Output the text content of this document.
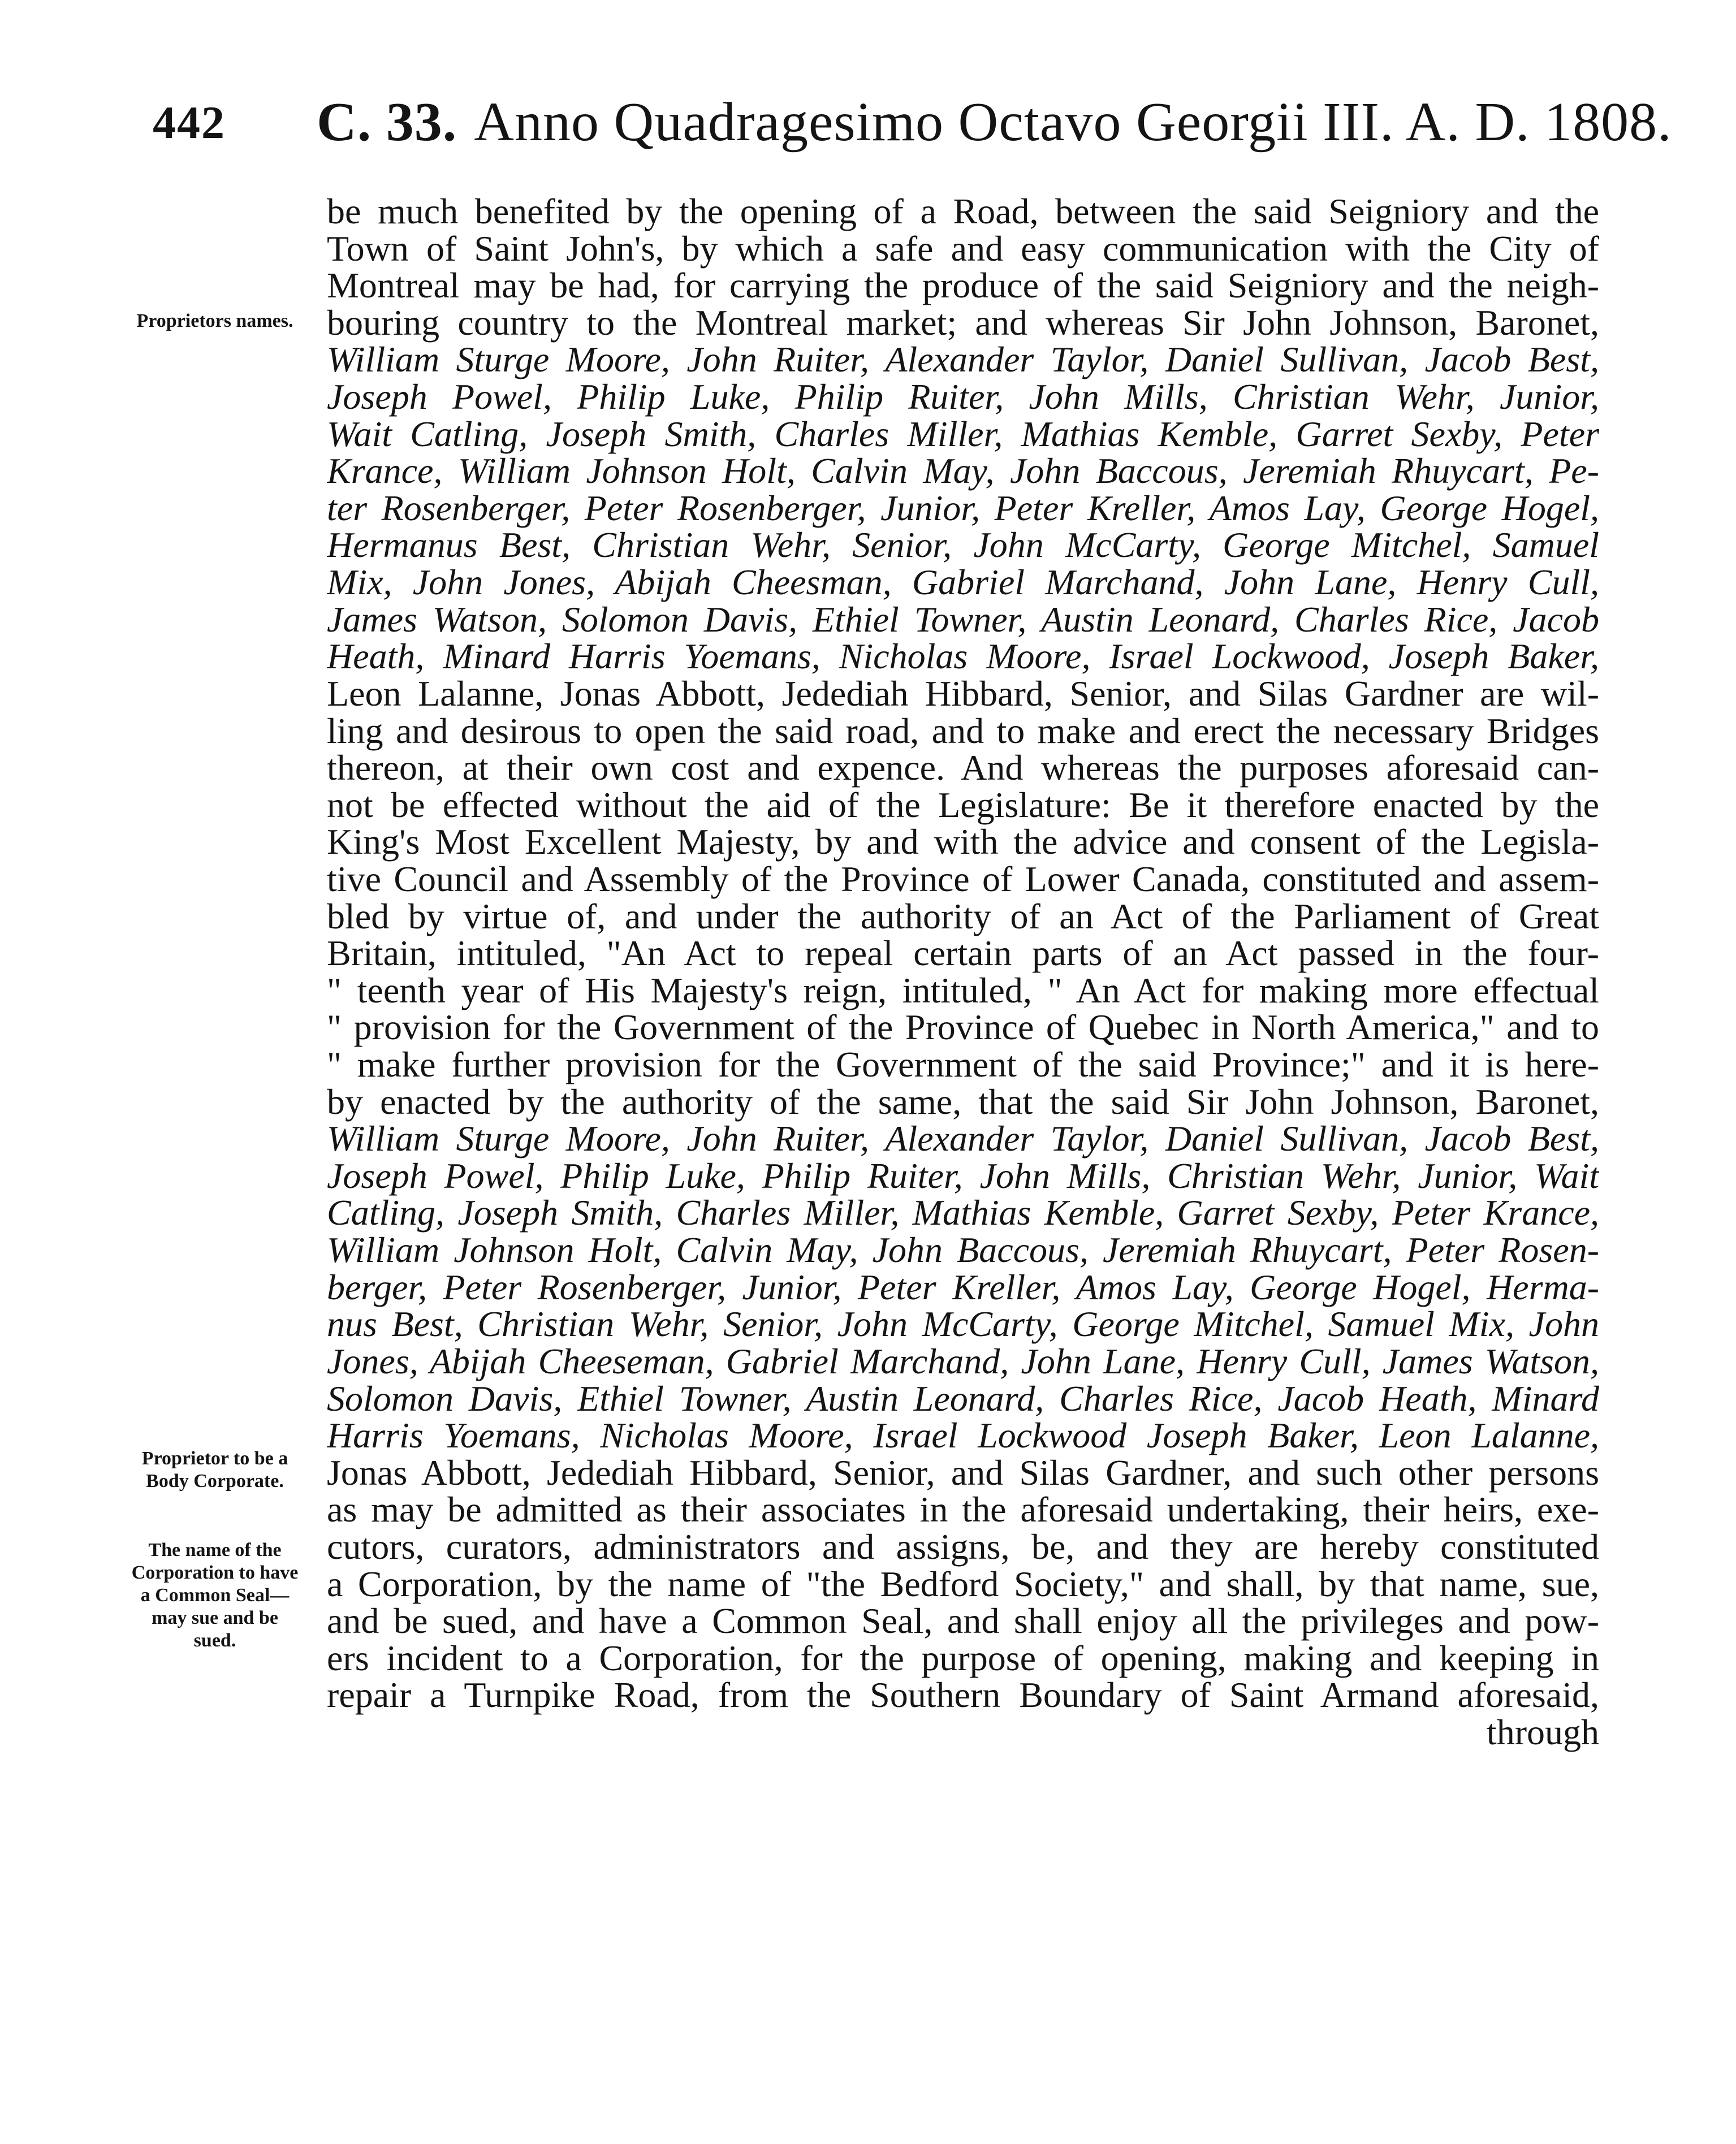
442 C. 33. Anno Quadragesimo Octavo Georgii III. A. D. 1808.
Proprietors names.
Proprietor to be a Body Corporate.
The name of the Corporation to have a Common Seal—may sue and be sued.
be much benefited by the opening of a Road, between the said Seigniory and the
Town of Saint John's, by which a safe and easy communication with the City of
Montreal may be had, for carrying the produce of the said Seigniory and the neigh-
bouring country to the Montreal market; and whereas Sir John Johnson, Baronet,
William Sturge Moore, John Ruiter, Alexander Taylor, Daniel Sullivan, Jacob Best,
Joseph Powel, Philip Luke, Philip Ruiter, John Mills, Christian Wehr, Junior,
Wait Catling, Joseph Smith, Charles Miller, Mathias Kemble, Garret Sexby, Peter
Krance, William Johnson Holt, Calvin May, John Baccous, Jeremiah Rhuycart, Pe-
ter Rosenberger, Peter Rosenberger, Junior, Peter Kreller, Amos Lay, George Hogel,
Hermanus Best, Christian Wehr, Senior, John McCarty, George Mitchel, Samuel
Mix, John Jones, Abijah Cheesman, Gabriel Marchand, John Lane, Henry Cull,
James Watson, Solomon Davis, Ethiel Towner, Austin Leonard, Charles Rice, Jacob
Heath, Minard Harris Yoemans, Nicholas Moore, Israel Lockwood, Joseph Baker,
Leon Lalanne, Jonas Abbott, Jedediah Hibbard, Senior, and Silas Gardner are wil-
ling and desirous to open the said road, and to make and erect the necessary Bridges
thereon, at their own cost and expence. And whereas the purposes aforesaid can-
not be effected without the aid of the Legislature: Be it therefore enacted by the
King's Most Excellent Majesty, by and with the advice and consent of the Legisla-
tive Council and Assembly of the Province of Lower Canada, constituted and assem-
bled by virtue of, and under the authority of an Act of the Parliament of Great
Britain, intituled, "An Act to repeal certain parts of an Act passed in the four-
" teenth year of His Majesty's reign, intituled, " An Act for making more effectual
" provision for the Government of the Province of Quebec in North America," and to
" make further provision for the Government of the said Province;" and it is here-
by enacted by the authority of the same, that the said Sir John Johnson, Baronet,
William Sturge Moore, John Ruiter, Alexander Taylor, Daniel Sullivan, Jacob Best,
Joseph Powel, Philip Luke, Philip Ruiter, John Mills, Christian Wehr, Junior, Wait
Catling, Joseph Smith, Charles Miller, Mathias Kemble, Garret Sexby, Peter Krance,
William Johnson Holt, Calvin May, John Baccous, Jeremiah Rhuycart, Peter Rosen-
berger, Peter Rosenberger, Junior, Peter Kreller, Amos Lay, George Hogel, Herma-
nus Best, Christian Wehr, Senior, John McCarty, George Mitchel, Samuel Mix, John
Jones, Abijah Cheeseman, Gabriel Marchand, John Lane, Henry Cull, James Watson,
Solomon Davis, Ethiel Towner, Austin Leonard, Charles Rice, Jacob Heath, Minard
Harris Yoemans, Nicholas Moore, Israel Lockwood Joseph Baker, Leon Lalanne,
Jonas Abbott, Jedediah Hibbard, Senior, and Silas Gardner, and such other persons
as may be admitted as their associates in the aforesaid undertaking, their heirs, exe-
cutors, curators, administrators and assigns, be, and they are hereby constituted
a Corporation, by the name of "the Bedford Society," and shall, by that name, sue,
and be sued, and have a Common Seal, and shall enjoy all the privileges and pow-
ers incident to a Corporation, for the purpose of opening, making and keeping in
repair a Turnpike Road, from the Southern Boundary of Saint Armand aforesaid,
through
